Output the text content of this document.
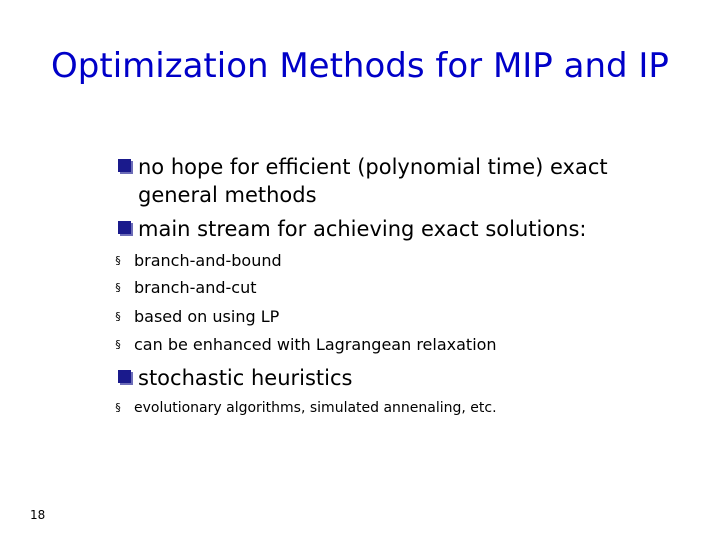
Optimization Methods for MIP and IP
no hope for efficient (polynomial time) exact
general methods
main stream for achieving exact solutions:
§ branch-and-bound
§ branch-and-cut
§ based on using LP
§ can be enhanced with Lagrangean relaxation
stochastic heuristics
§ evolutionary algorithms, simulated annenaling, etc.
18
